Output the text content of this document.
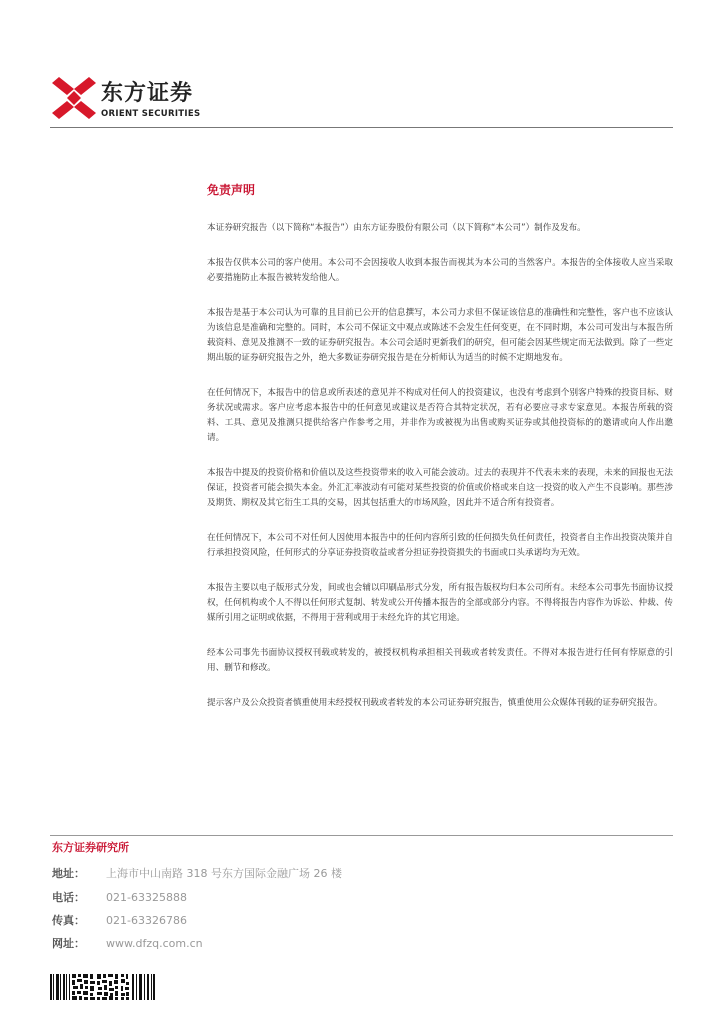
东方证券
ORIENT SECURITIES
免责声明

本证券研究报告（以下简称“本报告”）由东方证券股份有限公司（以下简称“本公司”）制作及发布。

本报告仅供本公司的客户使用。本公司不会因接收人收到本报告而视其为本公司的当然客户。本报告的全体接收人应当采取必要措施防止本报告被转发给他人。

本报告是基于本公司认为可靠的且目前已公开的信息撰写，本公司力求但不保证该信息的准确性和完整性，客户也不应该认为该信息是准确和完整的。同时，本公司不保证文中观点或陈述不会发生任何变更，在不同时期，本公司可发出与本报告所载资料、意见及推测不一致的证券研究报告。本公司会适时更新我们的研究，但可能会因某些规定而无法做到。除了一些定期出版的证券研究报告之外，绝大多数证券研究报告是在分析师认为适当的时候不定期地发布。

在任何情况下，本报告中的信息或所表述的意见并不构成对任何人的投资建议，也没有考虑到个别客户特殊的投资目标、财务状况或需求。客户应考虑本报告中的任何意见或建议是否符合其特定状况，若有必要应寻求专家意见。本报告所载的资料、工具、意见及推测只提供给客户作参考之用，并非作为或被视为出售或购买证券或其他投资标的的邀请或向人作出邀请。

本报告中提及的投资价格和价值以及这些投资带来的收入可能会波动。过去的表现并不代表未来的表现，未来的回报也无法保证，投资者可能会损失本金。外汇汇率波动有可能对某些投资的价值或价格或来自这一投资的收入产生不良影响。那些涉及期货、期权及其它衍生工具的交易，因其包括重大的市场风险，因此并不适合所有投资者。

在任何情况下，本公司不对任何人因使用本报告中的任何内容所引致的任何损失负任何责任，投资者自主作出投资决策并自行承担投资风险，任何形式的分享证券投资收益或者分担证券投资损失的书面或口头承诺均为无效。

本报告主要以电子版形式分发，间或也会辅以印刷品形式分发，所有报告版权均归本公司所有。未经本公司事先书面协议授权，任何机构或个人不得以任何形式复制、转发或公开传播本报告的全部或部分内容。不得将报告内容作为诉讼、仲裁、传媒所引用之证明或依据，不得用于营利或用于未经允许的其它用途。

经本公司事先书面协议授权刊载或转发的，被授权机构承担相关刊载或者转发责任。不得对本报告进行任何有悖原意的引用、删节和修改。

提示客户及公众投资者慎重使用未经授权刊载或者转发的本公司证券研究报告，慎重使用公众媒体刊载的证券研究报告。

东方证券研究所
地址： 上海市中山南路 318 号东方国际金融广场 26 楼
电话： 021-63325888
传真： 021-63326786
网址： www.dfzq.com.cn
